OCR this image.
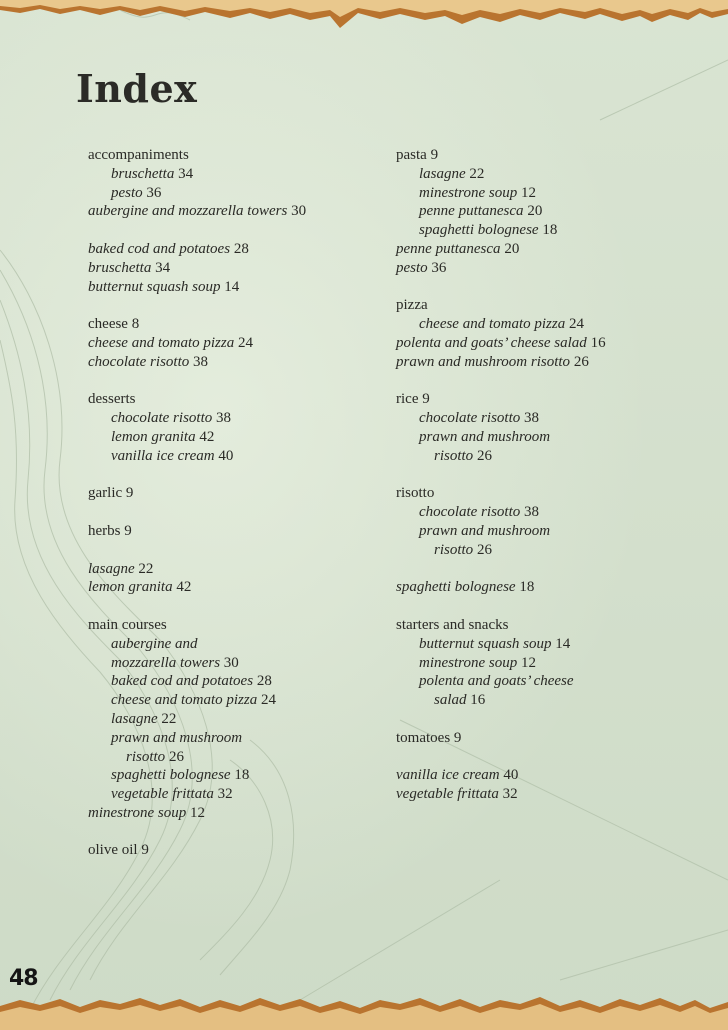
Index
accompaniments
bruschetta 34
pesto 36
aubergine and mozzarella towers 30
baked cod and potatoes 28
bruschetta 34
butternut squash soup 14
cheese 8
cheese and tomato pizza 24
chocolate risotto 38
desserts
chocolate risotto 38
lemon granita 42
vanilla ice cream 40
garlic 9
herbs 9
lasagne 22
lemon granita 42
main courses
aubergine and
mozzarella towers 30
baked cod and potatoes 28
cheese and tomato pizza 24
lasagne 22
prawn and mushroom
risotto 26
spaghetti bolognese 18
vegetable frittata 32
minestrone soup 12
olive oil 9
pasta 9
lasagne 22
minestrone soup 12
penne puttanesca 20
spaghetti bolognese 18
penne puttanesca 20
pesto 36
pizza
cheese and tomato pizza 24
polenta and goats’ cheese salad 16
prawn and mushroom risotto 26
rice 9
chocolate risotto 38
prawn and mushroom
risotto 26
risotto
chocolate risotto 38
prawn and mushroom
risotto 26
spaghetti bolognese 18
starters and snacks
butternut squash soup 14
minestrone soup 12
polenta and goats’ cheese
salad 16
tomatoes 9
vanilla ice cream 40
vegetable frittata 32
48
